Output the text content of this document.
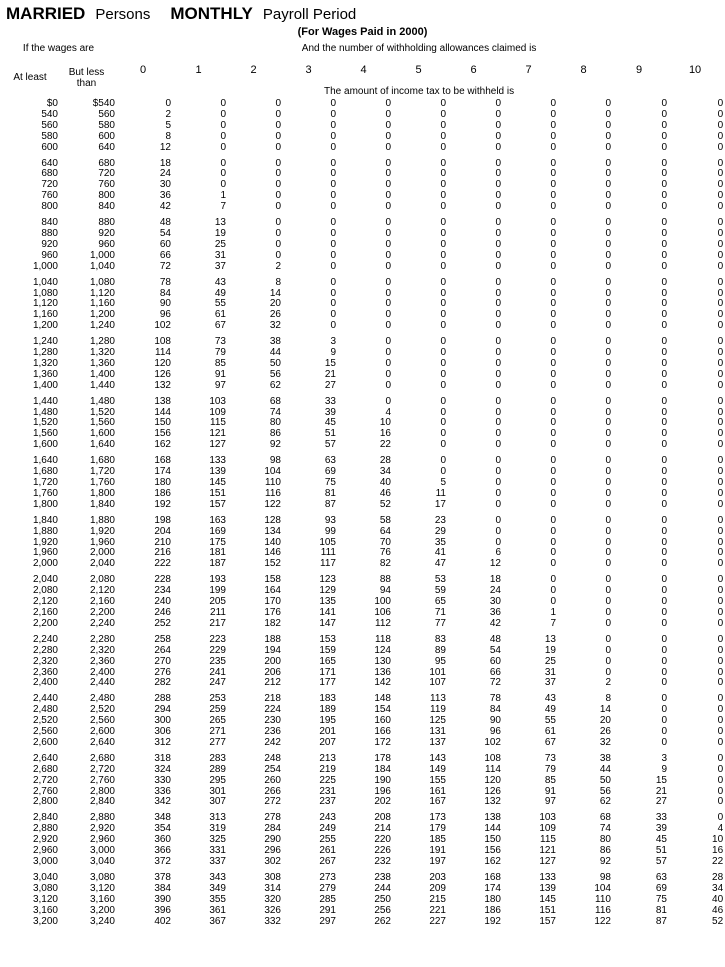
MARRIED Persons MONTHLY Payroll Period
(For Wages Paid in 2000)
If the wages are		And the number of withholding allowances claimed is										
At least	But less than	0	1	2	3	4	5	6	7	8	9	10
		The amount of income tax to be withheld is										
$0	$540	0	0	0	0	0	0	0	0	0	0	0
540	560	2	0	0	0	0	0	0	0	0	0	0
560	580	5	0	0	0	0	0	0	0	0	0	0
580	600	8	0	0	0	0	0	0	0	0	0	0
600	640	12	0	0	0	0	0	0	0	0	0	0
640	680	18	0	0	0	0	0	0	0	0	0	0
680	720	24	0	0	0	0	0	0	0	0	0	0
720	760	30	0	0	0	0	0	0	0	0	0	0
760	800	36	1	0	0	0	0	0	0	0	0	0
800	840	42	7	0	0	0	0	0	0	0	0	0
840	880	48	13	0	0	0	0	0	0	0	0	0
880	920	54	19	0	0	0	0	0	0	0	0	0
920	960	60	25	0	0	0	0	0	0	0	0	0
960	1,000	66	31	0	0	0	0	0	0	0	0	0
1,000	1,040	72	37	2	0	0	0	0	0	0	0	0
1,040	1,080	78	43	8	0	0	0	0	0	0	0	0
1,080	1,120	84	49	14	0	0	0	0	0	0	0	0
1,120	1,160	90	55	20	0	0	0	0	0	0	0	0
1,160	1,200	96	61	26	0	0	0	0	0	0	0	0
1,200	1,240	102	67	32	0	0	0	0	0	0	0	0
1,240	1,280	108	73	38	3	0	0	0	0	0	0	0
1,280	1,320	114	79	44	9	0	0	0	0	0	0	0
1,320	1,360	120	85	50	15	0	0	0	0	0	0	0
1,360	1,400	126	91	56	21	0	0	0	0	0	0	0
1,400	1,440	132	97	62	27	0	0	0	0	0	0	0
1,440	1,480	138	103	68	33	0	0	0	0	0	0	0
1,480	1,520	144	109	74	39	4	0	0	0	0	0	0
1,520	1,560	150	115	80	45	10	0	0	0	0	0	0
1,560	1,600	156	121	86	51	16	0	0	0	0	0	0
1,600	1,640	162	127	92	57	22	0	0	0	0	0	0
1,640	1,680	168	133	98	63	28	0	0	0	0	0	0
1,680	1,720	174	139	104	69	34	0	0	0	0	0	0
1,720	1,760	180	145	110	75	40	5	0	0	0	0	0
1,760	1,800	186	151	116	81	46	11	0	0	0	0	0
1,800	1,840	192	157	122	87	52	17	0	0	0	0	0
1,840	1,880	198	163	128	93	58	23	0	0	0	0	0
1,880	1,920	204	169	134	99	64	29	0	0	0	0	0
1,920	1,960	210	175	140	105	70	35	0	0	0	0	0
1,960	2,000	216	181	146	111	76	41	6	0	0	0	0
2,000	2,040	222	187	152	117	82	47	12	0	0	0	0
2,040	2,080	228	193	158	123	88	53	18	0	0	0	0
2,080	2,120	234	199	164	129	94	59	24	0	0	0	0
2,120	2,160	240	205	170	135	100	65	30	0	0	0	0
2,160	2,200	246	211	176	141	106	71	36	1	0	0	0
2,200	2,240	252	217	182	147	112	77	42	7	0	0	0
2,240	2,280	258	223	188	153	118	83	48	13	0	0	0
2,280	2,320	264	229	194	159	124	89	54	19	0	0	0
2,320	2,360	270	235	200	165	130	95	60	25	0	0	0
2,360	2,400	276	241	206	171	136	101	66	31	0	0	0
2,400	2,440	282	247	212	177	142	107	72	37	2	0	0
2,440	2,480	288	253	218	183	148	113	78	43	8	0	0
2,480	2,520	294	259	224	189	154	119	84	49	14	0	0
2,520	2,560	300	265	230	195	160	125	90	55	20	0	0
2,560	2,600	306	271	236	201	166	131	96	61	26	0	0
2,600	2,640	312	277	242	207	172	137	102	67	32	0	0
2,640	2,680	318	283	248	213	178	143	108	73	38	3	0
2,680	2,720	324	289	254	219	184	149	114	79	44	9	0
2,720	2,760	330	295	260	225	190	155	120	85	50	15	0
2,760	2,800	336	301	266	231	196	161	126	91	56	21	0
2,800	2,840	342	307	272	237	202	167	132	97	62	27	0
2,840	2,880	348	313	278	243	208	173	138	103	68	33	0
2,880	2,920	354	319	284	249	214	179	144	109	74	39	4
2,920	2,960	360	325	290	255	220	185	150	115	80	45	10
2,960	3,000	366	331	296	261	226	191	156	121	86	51	16
3,000	3,040	372	337	302	267	232	197	162	127	92	57	22
3,040	3,080	378	343	308	273	238	203	168	133	98	63	28
3,080	3,120	384	349	314	279	244	209	174	139	104	69	34
3,120	3,160	390	355	320	285	250	215	180	145	110	75	40
3,160	3,200	396	361	326	291	256	221	186	151	116	81	46
3,200	3,240	402	367	332	297	262	227	192	157	122	87	52
